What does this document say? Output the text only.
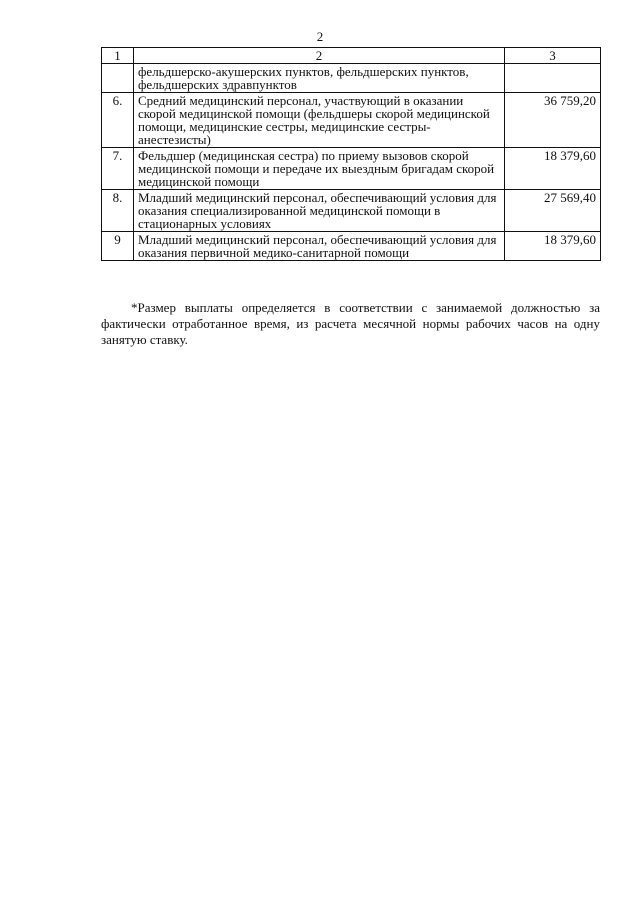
2
1	2	3
	фельдшерско-акушерских пунктов, фельдшерских пунктов, фельдшерских здравпунктов	
6.	Средний медицинский персонал, участвующий в оказании скорой медицинской помощи (фельдшеры скорой медицинской помощи, медицинские сестры, медицинские сестры-анестезисты)	36 759,20
7.	Фельдшер (медицинская сестра) по приему вызовов скорой медицинской помощи и передаче их выездным бригадам скорой медицинской помощи	18 379,60
8.	Младший медицинский персонал, обеспечивающий условия для оказания специализированной медицинской помощи в стационарных условиях	27 569,40
9	Младший медицинский персонал, обеспечивающий условия для оказания первичной медико-санитарной помощи	18 379,60

*Размер выплаты определяется в соответствии с занимаемой должностью за фактически отработанное время, из расчета месячной нормы рабочих часов на одну занятую ставку.
